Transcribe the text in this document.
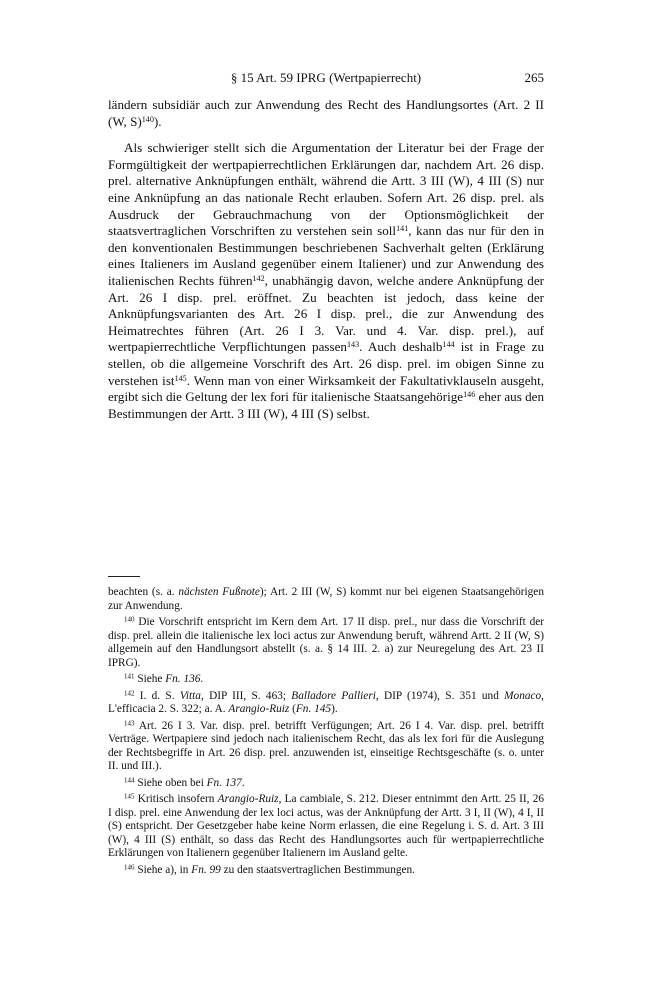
§ 15 Art. 59 IPRG (Wertpapierrecht)	265

ländern subsidiär auch zur Anwendung des Recht des Handlungsortes (Art. 2 II (W, S)$^{140}$).

Als schwieriger stellt sich die Argumentation der Literatur bei der Frage der Formgültigkeit der wertpapierrechtlichen Erklärungen dar, nachdem Art. 26 disp. prel. alternative Anknüpfungen enthält, während die Artt. 3 III (W), 4 III (S) nur eine Anknüpfung an das nationale Recht erlauben. Sofern Art. 26 disp. prel. als Ausdruck der Gebrauchmachung von der Optionsmöglichkeit der staatsvertraglichen Vorschriften zu verstehen sein soll$^{141}$, kann das nur für den in den konventionalen Bestimmungen beschriebenen Sachverhalt gelten (Erklärung eines Italieners im Ausland gegenüber einem Italiener) und zur Anwendung des italienischen Rechts führen$^{142}$, unabhängig davon, welche andere Anknüpfung der Art. 26 I disp. prel. eröffnet. Zu beachten ist jedoch, dass keine der Anknüpfungsvarianten des Art. 26 I disp. prel., die zur Anwendung des Heimatrechtes führen (Art. 26 I 3. Var. und 4. Var. disp. prel.), auf wertpapierrechtliche Verpflichtungen passen$^{143}$. Auch deshalb$^{144}$ ist in Frage zu stellen, ob die allgemeine Vorschrift des Art. 26 disp. prel. im obigen Sinne zu verstehen ist$^{145}$. Wenn man von einer Wirksamkeit der Fakultativklauseln ausgeht, ergibt sich die Geltung der lex fori für italienische Staatsangehörige$^{146}$ eher aus den Bestimmungen der Artt. 3 III (W), 4 III (S) selbst.

beachten (s. a. nächsten Fußnote); Art. 2 III (W, S) kommt nur bei eigenen Staatsangehörigen zur Anwendung.

$^{140}$ Die Vorschrift entspricht im Kern dem Art. 17 II disp. prel., nur dass die Vorschrift der disp. prel. allein die italienische lex loci actus zur Anwendung beruft, während Artt. 2 II (W, S) allgemein auf den Handlungsort abstellt (s. a. § 14 III. 2. a) zur Neuregelung des Art. 23 II IPRG).

$^{141}$ Siehe Fn. 136.

$^{142}$ I. d. S. Vitta, DIP III, S. 463; Balladore Pallieri, DIP (1974), S. 351 und Monaco, L'efficacia 2. S. 322; a. A. Arangio-Ruiz (Fn. 145).

$^{143}$ Art. 26 I 3. Var. disp. prel. betrifft Verfügungen; Art. 26 I 4. Var. disp. prel. betrifft Verträge. Wertpapiere sind jedoch nach italienischem Recht, das als lex fori für die Auslegung der Rechtsbegriffe in Art. 26 disp. prel. anzuwenden ist, einseitige Rechtsgeschäfte (s. o. unter II. und III.).

$^{144}$ Siehe oben bei Fn. 137.

$^{145}$ Kritisch insofern Arangio-Ruiz, La cambiale, S. 212. Dieser entnimmt den Artt. 25 II, 26 I disp. prel. eine Anwendung der lex loci actus, was der Anknüpfung der Artt. 3 I, II (W), 4 I, II (S) entspricht. Der Gesetzgeber habe keine Norm erlassen, die eine Regelung i. S. d. Art. 3 III (W), 4 III (S) enthält, so dass das Recht des Handlungsortes auch für wertpapierrechtliche Erklärungen von Italienern gegenüber Italienern im Ausland gelte.

$^{146}$ Siehe a), in Fn. 99 zu den staatsvertraglichen Bestimmungen.
